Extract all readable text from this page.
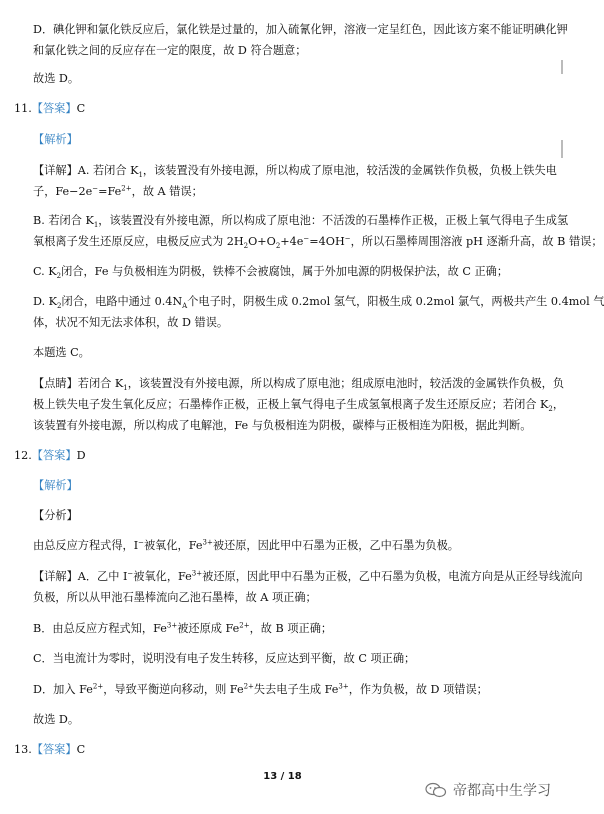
D．碘化钾和氯化铁反应后，氯化铁是过量的，加入硫氰化钾，溶液一定呈红色，因此该方案不能证明碘化钾
和氯化铁之间的反应存在一定的限度，故 D 符合题意；
故选 D。
11.【答案】C
【解析】
【详解】A. 若闭合 $K_1$，该装置没有外接电源，所以构成了原电池，较活泼的金属铁作负极，负极上铁失电
子，$Fe-2e^-=Fe^{2+}$，故 A 错误；
B. 若闭合 $K_1$，该装置没有外接电源，所以构成了原电池：不活泼的石墨棒作正极，正极上氧气得电子生成氢
氧根离子发生还原反应，电极反应式为 $2H_2O+O_2+4e^-=4OH^-$，所以石墨棒周围溶液 pH 逐渐升高，故 B 错误；
C. $K_2$闭合，Fe 与负极相连为阴极，铁棒不会被腐蚀，属于外加电源的阴极保护法，故 C 正确；
D. $K_2$闭合，电路中通过 $0.4N_A$个电子时，阴极生成 0.2mol 氢气，阳极生成 0.2mol 氯气，两极共产生 0.4mol 气
体，状况不知无法求体积，故 D 错误。
本题选 C。
【点睛】若闭合 $K_1$，该装置没有外接电源，所以构成了原电池；组成原电池时，较活泼的金属铁作负极，负
极上铁失电子发生氧化反应；石墨棒作正极，正极上氧气得电子生成氢氧根离子发生还原反应；若闭合 $K_2$，
该装置有外接电源，所以构成了电解池，Fe 与负极相连为阴极，碳棒与正极相连为阳极，据此判断。
12.【答案】D
【解析】
【分析】
由总反应方程式得，I−被氧化，$Fe^{3+}$被还原，因此甲中石墨为正极，乙中石墨为负极。
【详解】A．乙中 I−被氧化，$Fe^{3+}$被还原，因此甲中石墨为正极，乙中石墨为负极，电流方向是从正经导线流向
负极，所以从甲池石墨棒流向乙池石墨棒，故 A 项正确；
B．由总反应方程式知，$Fe^{3+}$被还原成 $Fe^{2+}$，故 B 项正确；
C．当电流计为零时，说明没有电子发生转移，反应达到平衡，故 C 项正确；
D．加入 $Fe^{2+}$，导致平衡逆向移动，则 $Fe^{2+}$失去电子生成 $Fe^{3+}$，作为负极，故 D 项错误；
故选 D。
13.【答案】C
13 / 18
帝都高中生学习
